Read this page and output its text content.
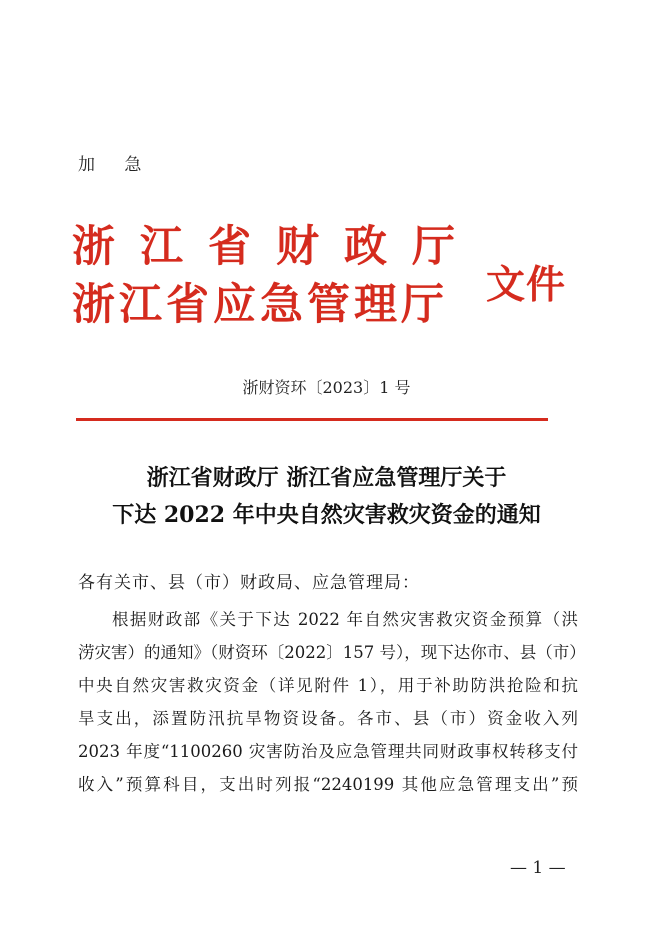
加 急
浙江省财政厅
浙江省应急管理厅 文件
浙财资环〔2023〕1 号
浙江省财政厅 浙江省应急管理厅关于
下达 2022 年中央自然灾害救灾资金的通知
各有关市、县（市）财政局、应急管理局：
根据财政部《关于下达 2022 年自然灾害救灾资金预算（洪
涝灾害）的通知》（财资环〔2022〕157 号），现下达你市、县（市）
中央自然灾害救灾资金（详见附件 1），用于补助防洪抢险和抗
旱支出，添置防汛抗旱物资设备。各市、县（市）资金收入列
2023 年度“1100260 灾害防治及应急管理共同财政事权转移支付
收入”预算科目，支出时列报“2240199 其他应急管理支出”预
— 1 —
